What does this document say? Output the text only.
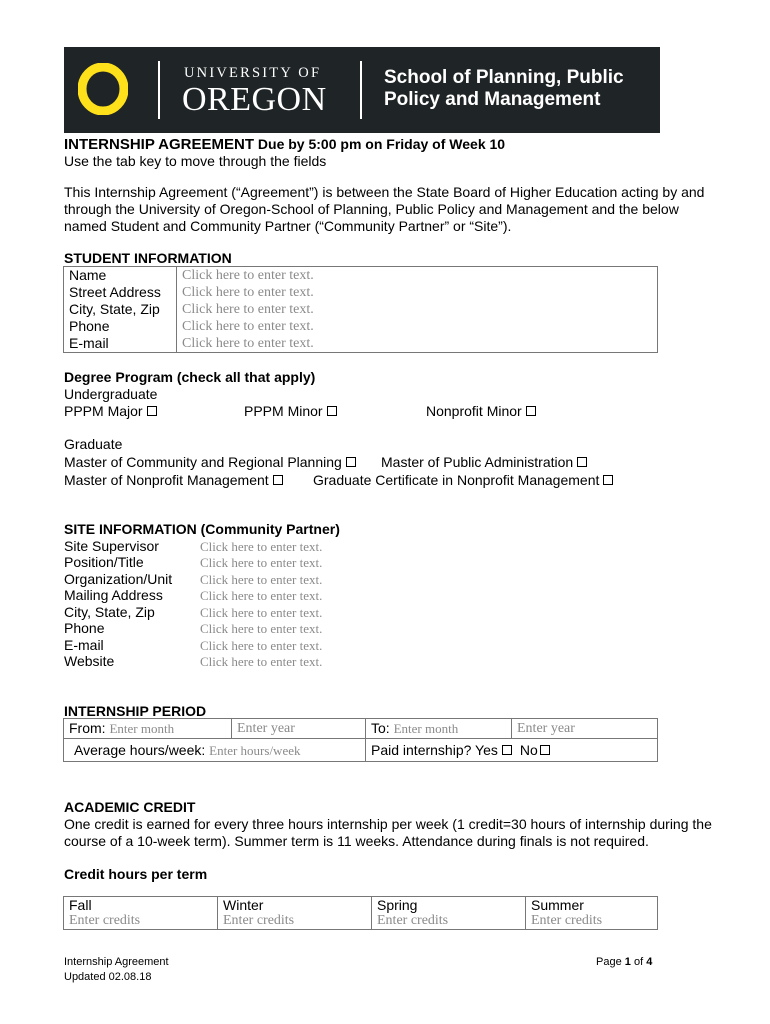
UNIVERSITY OF
OREGON
School of Planning, Public
Policy and Management
INTERNSHIP AGREEMENT Due by 5:00 pm on Friday of Week 10
Use the tab key to move through the fields
This Internship Agreement (“Agreement”) is between the State Board of Higher Education acting by and
through the University of Oregon-School of Planning, Public Policy and Management and the below
named Student and Community Partner (“Community Partner” or “Site”).
STUDENT INFORMATION
Name	Click here to enter text.
Street Address	Click here to enter text.
City, State, Zip	Click here to enter text.
Phone	Click here to enter text.
E-mail	Click here to enter text.
Degree Program (check all that apply)
Undergraduate
PPPM Major	PPPM Minor	Nonprofit Minor
Graduate
Master of Community and Regional Planning	Master of Public Administration
Master of Nonprofit Management	Graduate Certificate in Nonprofit Management
SITE INFORMATION (Community Partner)
Site Supervisor	Click here to enter text.
Position/Title	Click here to enter text.
Organization/Unit Click here to enter text.
Mailing Address	Click here to enter text.
City, State, Zip	Click here to enter text.
Phone	Click here to enter text.
E-mail	Click here to enter text.
Website	Click here to enter text.
INTERNSHIP PERIOD
From: Enter month	Enter year	To: Enter month	Enter year
Average hours/week: Enter hours/week		Paid internship? Yes No	
ACADEMIC CREDIT
One credit is earned for every three hours internship per week (1 credit=30 hours of internship during the
course of a 10-week term). Summer term is 11 weeks. Attendance during finals is not required.
Credit hours per term
Fall	Winter	Spring	Summer
Enter credits	Enter credits	Enter credits	Enter credits
Internship Agreement
Updated 02.08.18
Page 1 of 4
